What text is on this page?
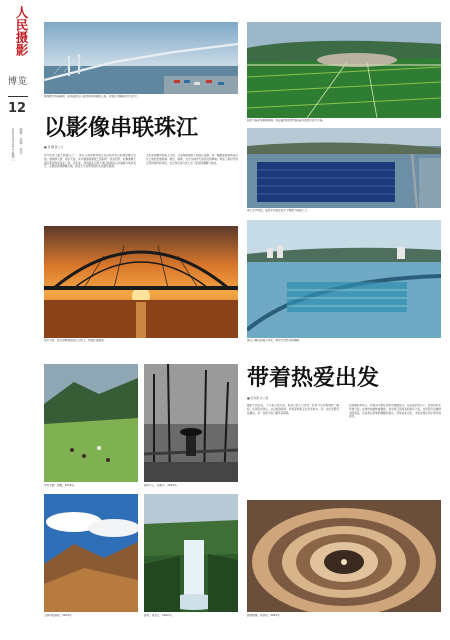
人民摄影
博览
12
2024年7月24日 星期三	编辑： 美编： 校对：
港珠澳大桥海豚塔，是连接珠江口东西两岸的超级工程，宛如巨龙横卧在伶仃洋上。
以影像串联珠江
■ 邹 麟 图 | 文
作为世界上最大的湾区之一，珠江口两岸城市群正在以前所未有的速度融合发展。港珠澳大桥、南沙大桥、深中通道等超级工程如同一条条纽带，把粤港澳大湾区紧密地连接在一起。近年来，我用镜头记录下珠江两岸的山川湖海与城乡变迁，从航拍视角俯瞰大地，感受人与自然和谐共生的美好画卷。
无论是晨曦中的海上大桥，还是晚霞映照下的跨江通道，每一幅画面都承载着这片土地的发展故事。稻田、渔港、光伏与城市天际线交相辉映，构成了新时代珠江两岸独特的风景，也让我对这片热土有了更深的理解与热爱。
南沙大桥，落日余晖洒在跨江大桥上，构成壮美画卷。
稻田与海岸线相映成趣，绿意盎然的田野连接着远处的村落与大海。
海上光伏电站，蓝色光伏板在阳光下铺展于海面之上。
珠江口港区的海上风光，城市与自然交相辉映。
草原牛群，新疆，2024年。	雨中行人，西班牙，2023年。
云海中的高原，2023年。	瀑布，黑龙江，2022年。
带着热爱出发
■ 张雪源 文 | 图
摄影于我而言，不只是记录风景，更是记录人与自然、时间与空间相遇的一瞬间。从草原到雪山，从古城到海岸，我背起相机走过许多地方。每一次出发都带着期待，每一次按下快门都怀着敬畏。
在新疆的草原上，我看到牛群在晨雾中缓缓前行；在高原的雪山下，我等待阳光穿透云层；在城市的旋转楼梯前，我寻找几何线条的秩序之美。这些照片是旅途中的收获，也是我对世界的理解和表达。带着热爱出发，才能发现生活中更多的美好。
旋转楼梯，梵蒂冈，2023年。
